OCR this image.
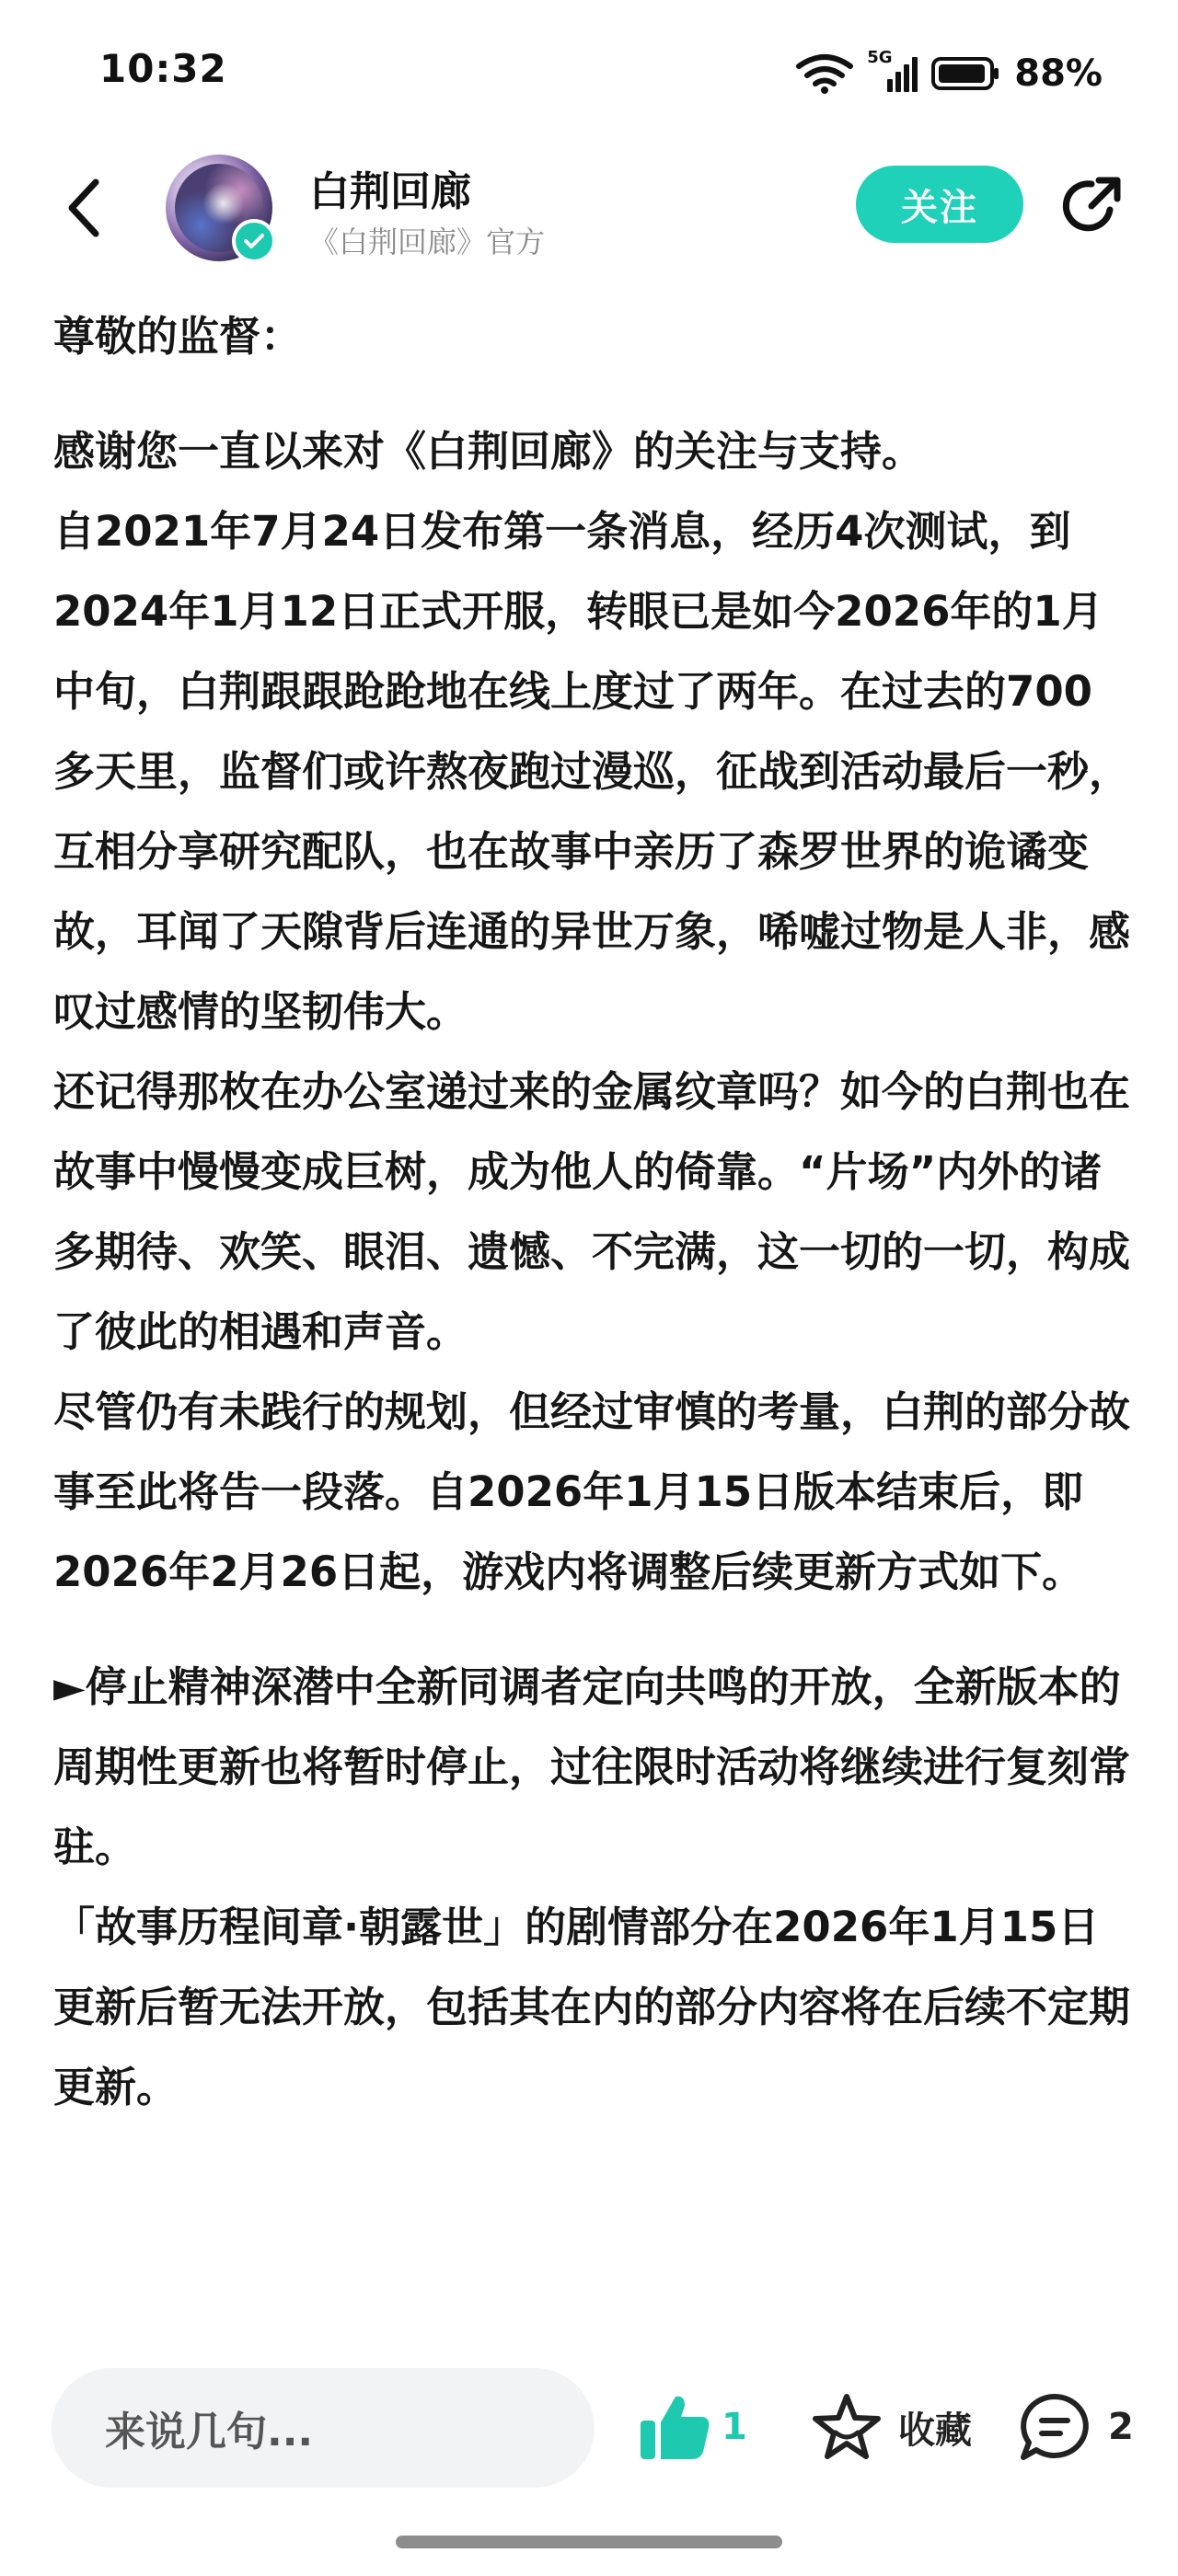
10:32	5G	88%
白荆回廊
《白荆回廊》官方
关注

尊敬的监督：

感谢您一直以来对《白荆回廊》的关注与支持。

自2021年7月24日发布第一条消息，经历4次测试，到2024年1月12日正式开服，转眼已是如今2026年的1月中旬，白荆跟跟跄跄地在线上度过了两年。在过去的700多天里，监督们或许熬夜跑过漫巡，征战到活动最后一秒，互相分享研究配队，也在故事中亲历了森罗世界的诡谲变故，耳闻了天隙背后连通的异世万象，唏嘘过物是人非，感叹过感情的坚韧伟大。

还记得那枚在办公室递过来的金属纹章吗？如今的白荆也在故事中慢慢变成巨树，成为他人的倚靠。“片场”内外的诸多期待、欢笑、眼泪、遗憾、不完满，这一切的一切，构成了彼此的相遇和声音。

尽管仍有未践行的规划，但经过审慎的考量，白荆的部分故事至此将告一段落。自2026年1月15日版本结束后，即2026年2月26日起，游戏内将调整后续更新方式如下。

►停止精神深潜中全新同调者定向共鸣的开放，全新版本的周期性更新也将暂时停止，过往限时活动将继续进行复刻常驻。

「故事历程间章·朝露世」的剧情部分在2026年1月15日更新后暂无法开放，包括其在内的部分内容将在后续不定期更新。

来说几句...	1	收藏	2
